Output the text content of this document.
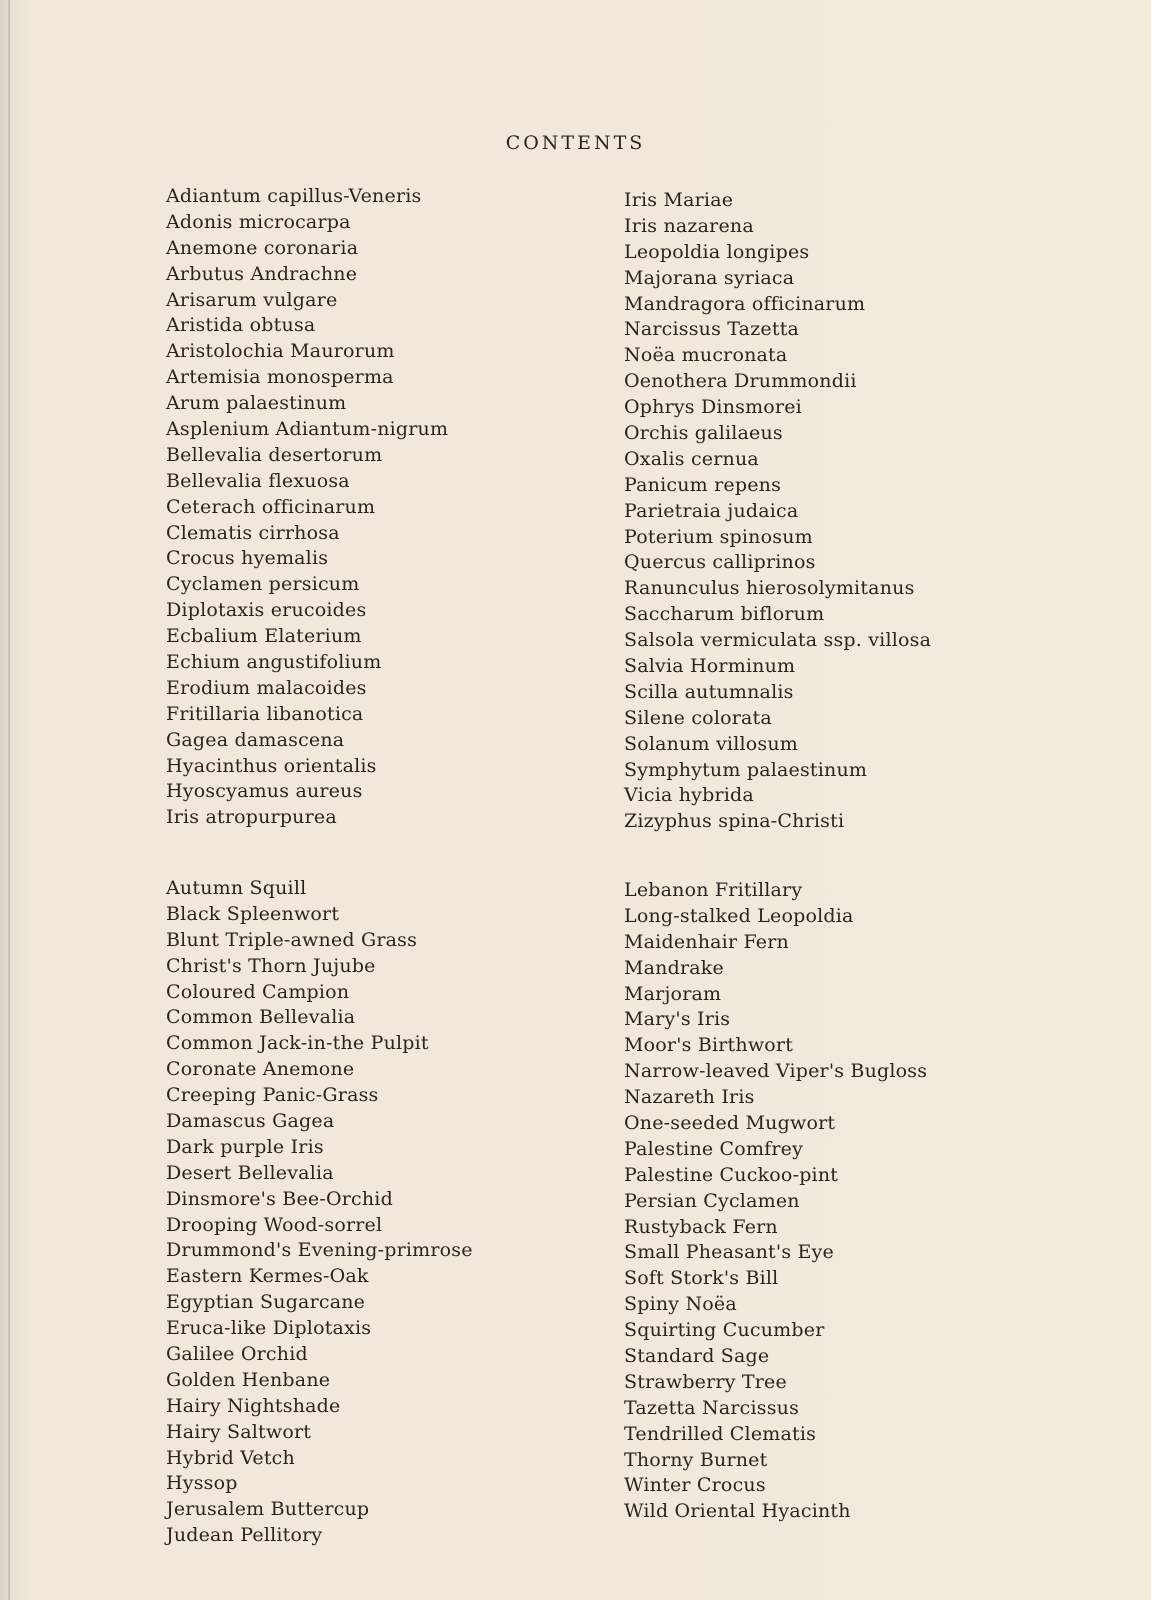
CONTENTS
Adiantum capillus-Veneris
Adonis microcarpa
Anemone coronaria
Arbutus Andrachne
Arisarum vulgare
Aristida obtusa
Aristolochia Maurorum
Artemisia monosperma
Arum palaestinum
Asplenium Adiantum-nigrum
Bellevalia desertorum
Bellevalia flexuosa
Ceterach officinarum
Clematis cirrhosa
Crocus hyemalis
Cyclamen persicum
Diplotaxis erucoides
Ecbalium Elaterium
Echium angustifolium
Erodium malacoides
Fritillaria libanotica
Gagea damascena
Hyacinthus orientalis
Hyoscyamus aureus
Iris atropurpurea
Iris Mariae
Iris nazarena
Leopoldia longipes
Majorana syriaca
Mandragora officinarum
Narcissus Tazetta
Noëa mucronata
Oenothera Drummondii
Ophrys Dinsmorei
Orchis galilaeus
Oxalis cernua
Panicum repens
Parietraia judaica
Poterium spinosum
Quercus calliprinos
Ranunculus hierosolymitanus
Saccharum biflorum
Salsola vermiculata ssp. villosa
Salvia Horminum
Scilla autumnalis
Silene colorata
Solanum villosum
Symphytum palaestinum
Vicia hybrida
Zizyphus spina-Christi
Autumn Squill
Black Spleenwort
Blunt Triple-awned Grass
Christ's Thorn Jujube
Coloured Campion
Common Bellevalia
Common Jack-in-the Pulpit
Coronate Anemone
Creeping Panic-Grass
Damascus Gagea
Dark purple Iris
Desert Bellevalia
Dinsmore's Bee-Orchid
Drooping Wood-sorrel
Drummond's Evening-primrose
Eastern Kermes-Oak
Egyptian Sugarcane
Eruca-like Diplotaxis
Galilee Orchid
Golden Henbane
Hairy Nightshade
Hairy Saltwort
Hybrid Vetch
Hyssop
Jerusalem Buttercup
Judean Pellitory
Lebanon Fritillary
Long-stalked Leopoldia
Maidenhair Fern
Mandrake
Marjoram
Mary's Iris
Moor's Birthwort
Narrow-leaved Viper's Bugloss
Nazareth Iris
One-seeded Mugwort
Palestine Comfrey
Palestine Cuckoo-pint
Persian Cyclamen
Rustyback Fern
Small Pheasant's Eye
Soft Stork's Bill
Spiny Noëa
Squirting Cucumber
Standard Sage
Strawberry Tree
Tazetta Narcissus
Tendrilled Clematis
Thorny Burnet
Winter Crocus
Wild Oriental Hyacinth
